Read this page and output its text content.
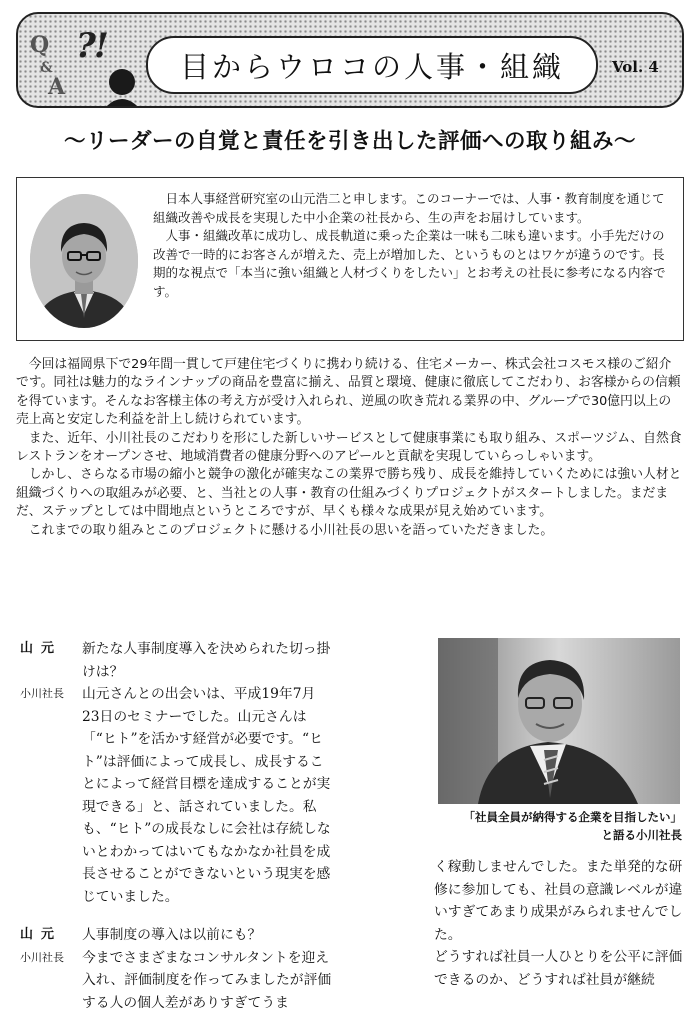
Q
&
A
?!
目からウロコの人事・組織	Vol. 4
〜リーダーの自覚と責任を引き出した評価への取り組み〜

日本人事経営研究室の山元浩二と申します。このコーナーでは、人事・教育制度を通じて組織改善や成長を実現した中小企業の社長から、生の声をお届けしています。

人事・組織改革に成功し、成長軌道に乗った企業は一味も二味も違います。小手先だけの改善で一時的にお客さんが増えた、売上が増加した、というものとはワケが違うのです。長期的な視点で「本当に強い組織と人材づくりをしたい」とお考えの社長に参考になる内容です。

今回は福岡県下で29年間一貫して戸建住宅づくりに携わり続ける、住宅メーカー、株式会社コスモス様のご紹介です。同社は魅力的なラインナップの商品を豊富に揃え、品質と環境、健康に徹底してこだわり、お客様からの信頼を得ています。そんなお客様主体の考え方が受け入れられ、逆風の吹き荒れる業界の中、グループで30億円以上の売上高と安定した利益を計上し続けられています。

また、近年、小川社長のこだわりを形にした新しいサービスとして健康事業にも取り組み、スポーツジム、自然食レストランをオープンさせ、地域消費者の健康分野へのアピールと貢献を実現していらっしゃいます。

しかし、さらなる市場の縮小と競争の激化が確実なこの業界で勝ち残り、成長を維持していくためには強い人材と組織づくりへの取組みが必要、と、当社との人事・教育の仕組みづくりプロジェクトがスタートしました。まだまだ、ステップとしては中間地点というところですが、早くも様々な成果が見え始めています。

これまでの取り組みとこのプロジェクトに懸ける小川社長の思いを語っていただきました。

山元	新たな人事制度導入を決められた切っ掛けは？
小川社長	山元さんとの出会いは、平成19年7月23日のセミナーでした。山元さんは「“ヒト”を活かす経営が必要です。“ヒト”は評価によって成長し、成長することによって経営目標を達成することが実現できる」と、話されていました。私も、“ヒト”の成長なしに会社は存続しないとわかってはいてもなかなか社員を成長させることができないという現実を感じていました。
山元	人事制度の導入は以前にも？
小川社長	今までさまざまなコンサルタントを迎え入れ、評価制度を作ってみましたが評価する人の個人差がありすぎてうま
「社員全員が納得する企業を目指したい」
と語る小川社長

く稼動しませんでした。また単発的な研修に参加しても、社員の意識レベルが違いすぎてあまり成果がみられませんでした。

どうすれば社員一人ひとりを公平に評価できるのか、どうすれば社員が継続
